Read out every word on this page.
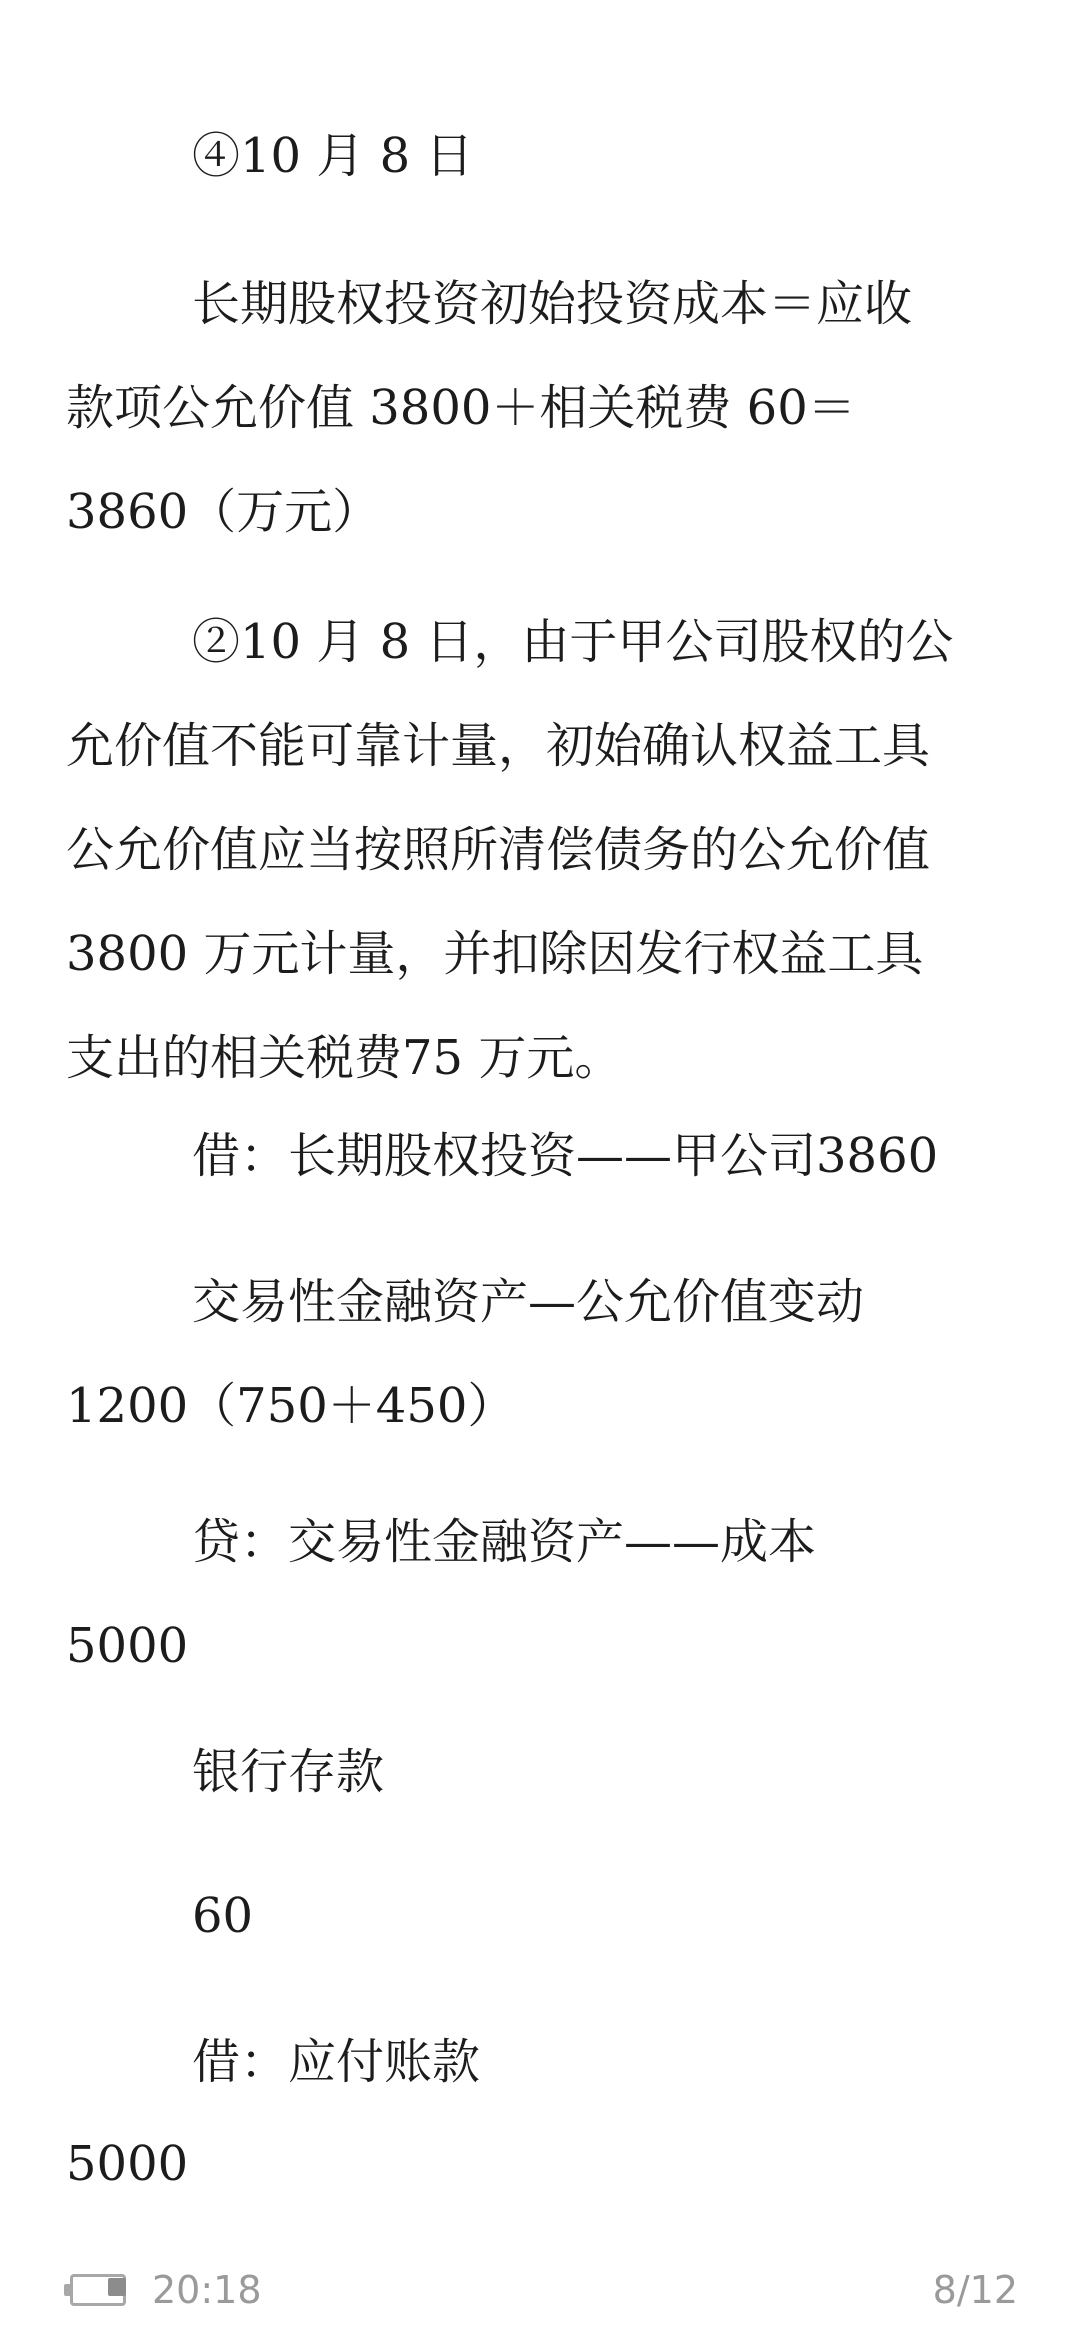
④10 月 8 日

长期股权投资初始投资成本＝应收
款项公允价值 3800＋相关税费 60＝
3860（万元）

②10 月 8 日，由于甲公司股权的公
允价值不能可靠计量，初始确认权益工具
公允价值应当按照所清偿债务的公允价值
3800 万元计量，并扣除因发行权益工具
支出的相关税费75 万元。

借：长期股权投资——甲公司3860

交易性金融资产—公允价值变动
1200（750＋450）

贷：交易性金融资产——成本
5000

银行存款

60

借：应付账款

5000

20:18	8/12
